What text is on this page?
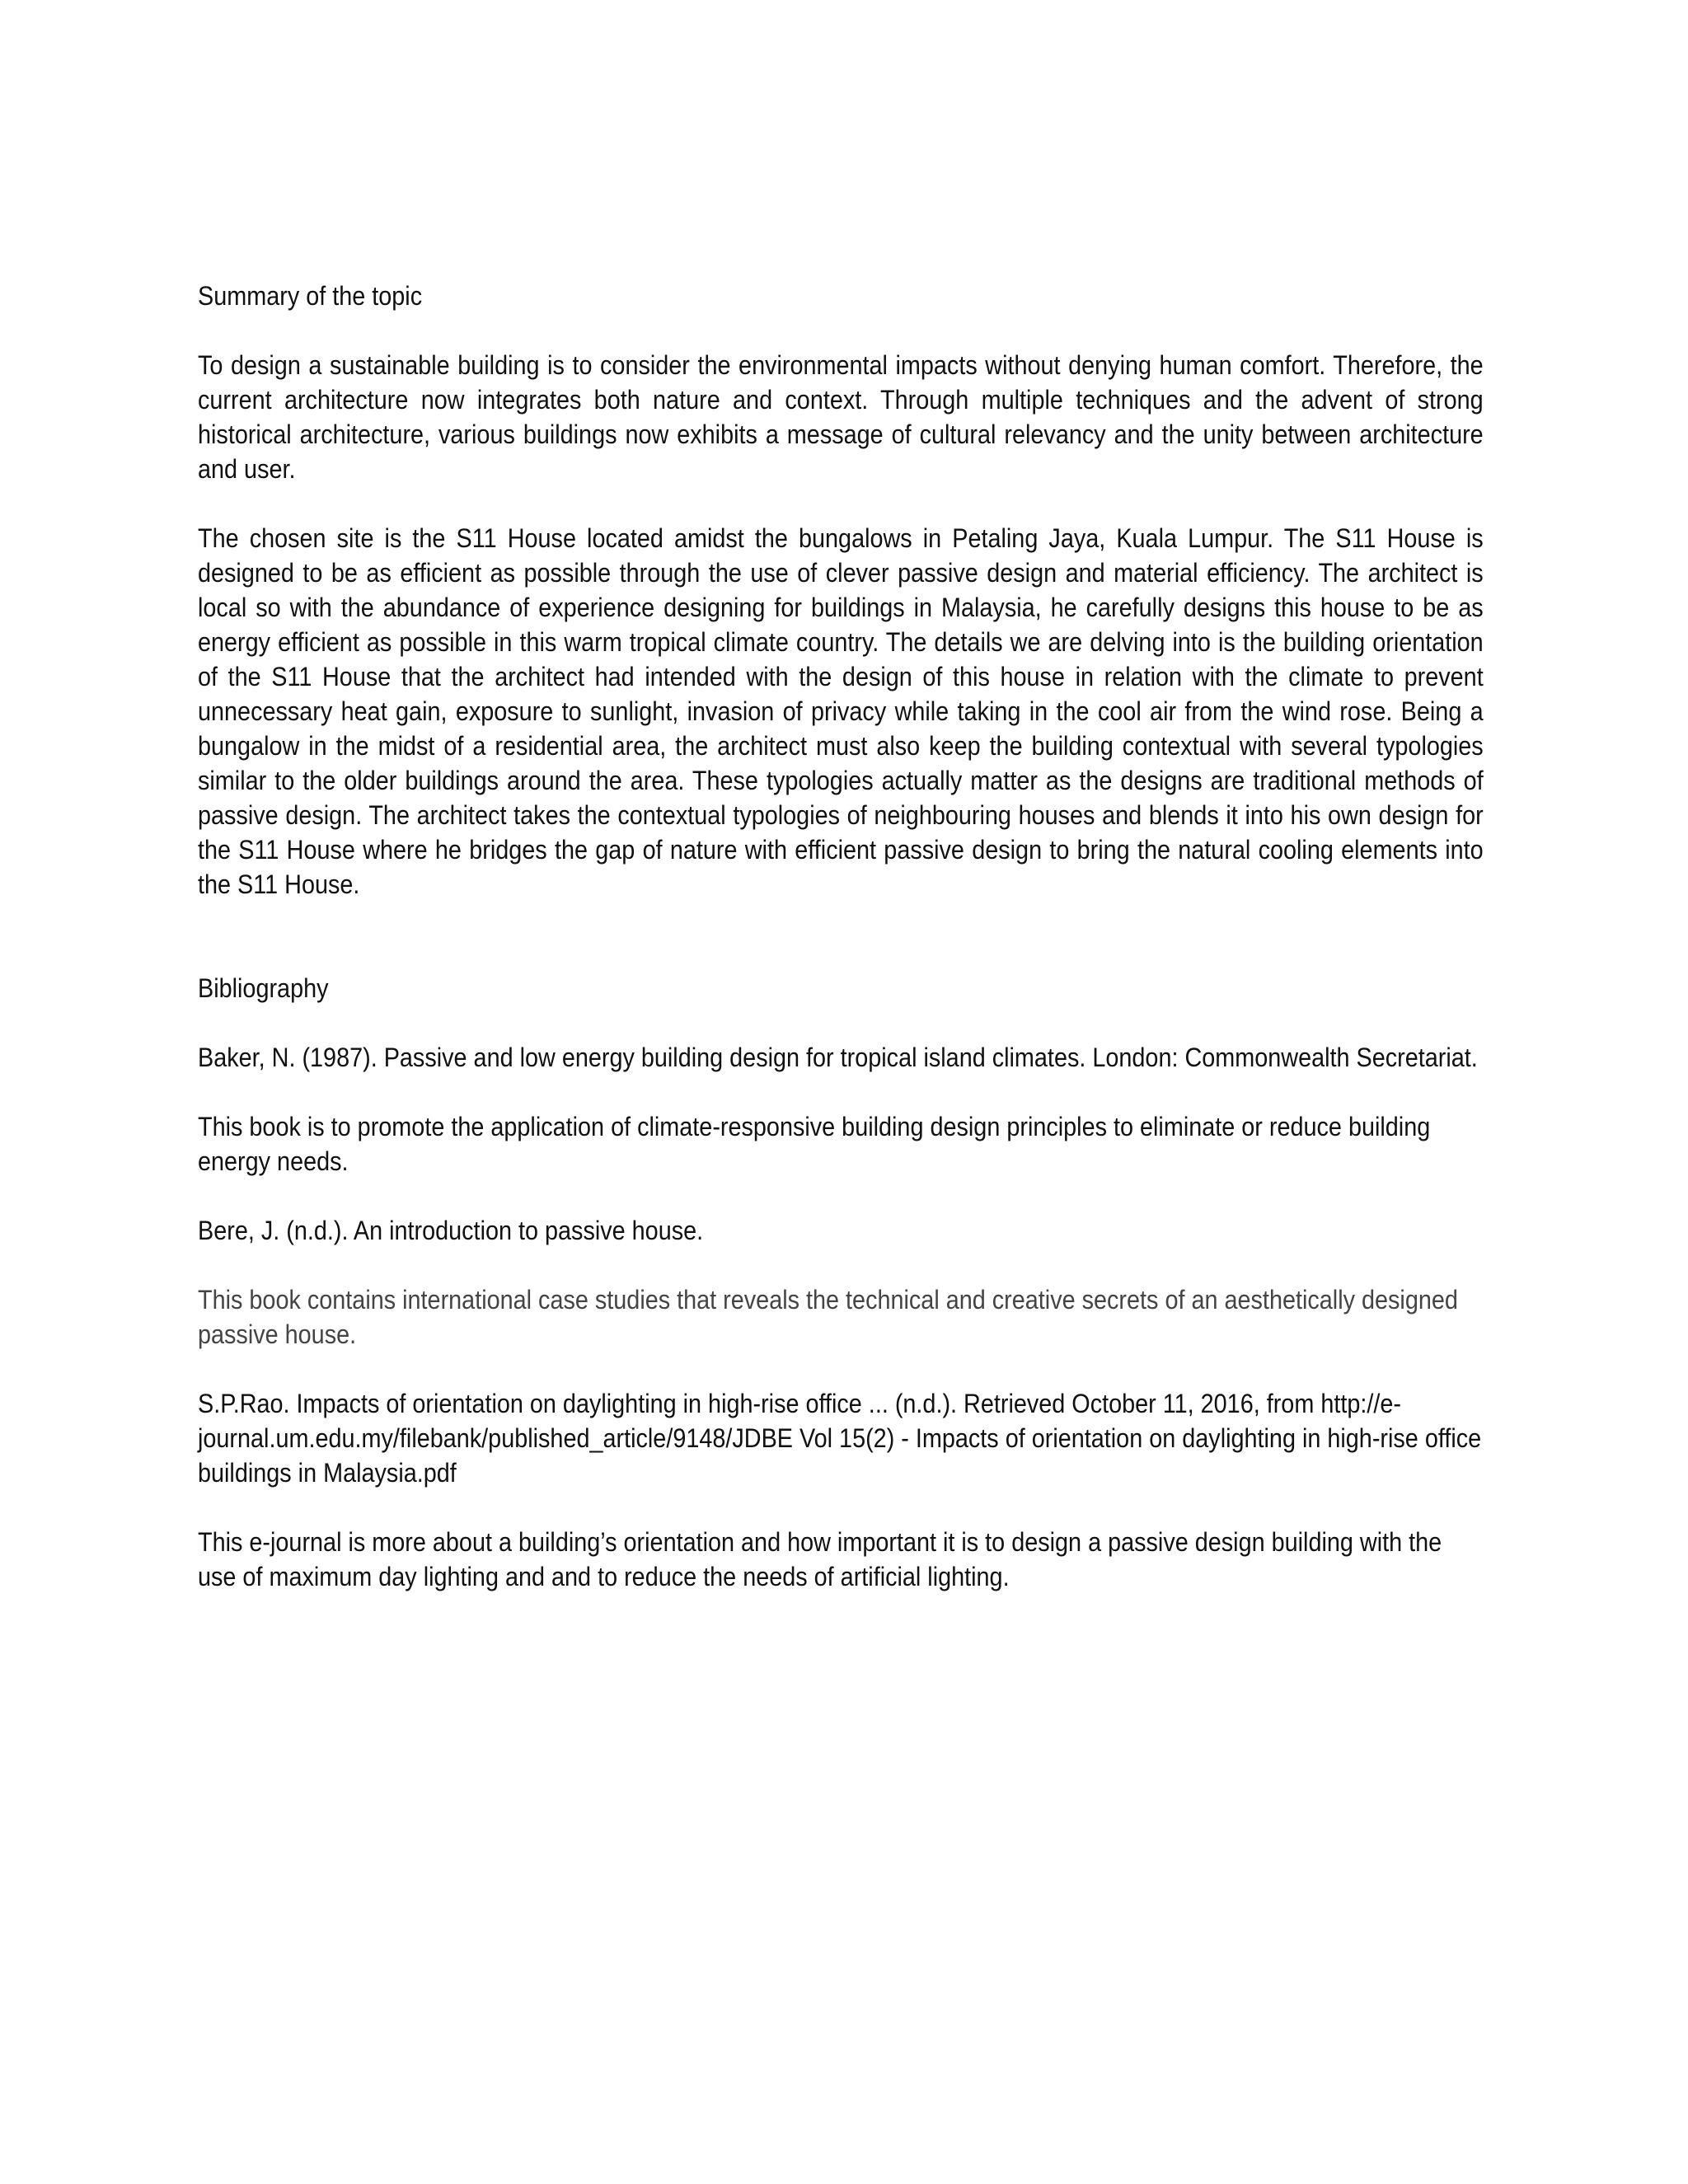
Summary of the topic

To design a sustainable building is to consider the environmental impacts without denying human comfort. Therefore, the current architecture now integrates both nature and context. Through multiple techniques and the advent of strong historical architecture, various buildings now exhibits a message of cultural relevancy and the unity between architecture and user.

The chosen site is the S11 House located amidst the bungalows in Petaling Jaya, Kuala Lumpur. The S11 House is designed to be as efficient as possible through the use of clever passive design and material efficiency. The architect is local so with the abundance of experience designing for buildings in Malaysia, he carefully designs this house to be as energy efficient as possible in this warm tropical climate country. The details we are delving into is the building orientation of the S11 House that the architect had intended with the design of this house in relation with the climate to prevent unnecessary heat gain, exposure to sunlight, invasion of privacy while taking in the cool air from the wind rose. Being a bungalow in the midst of a residential area, the architect must also keep the building contextual with several typologies similar to the older buildings around the area. These typologies actually matter as the designs are traditional methods of passive design. The architect takes the contextual typologies of neighbouring houses and blends it into his own design for the S11 House where he bridges the gap of nature with efficient passive design to bring the natural cooling elements into the S11 House.

Bibliography

Baker, N. (1987). Passive and low energy building design for tropical island climates. London: Commonwealth Secretariat.

This book is to promote the application of climate-responsive building design principles to eliminate or reduce building energy needs.

Bere, J. (n.d.). An introduction to passive house.

This book contains international case studies that reveals the technical and creative secrets of an aesthetically designed passive house.

S.P.Rao. Impacts of orientation on daylighting in high-rise office ... (n.d.). Retrieved October 11, 2016, from http://e-journal.um.edu.my/filebank/published_article/9148/JDBE Vol 15(2) - Impacts of orientation on daylighting in high-rise office buildings in Malaysia.pdf

This e-journal is more about a building’s orientation and how important it is to design a passive design building with the use of maximum day lighting and and to reduce the needs of artificial lighting.
